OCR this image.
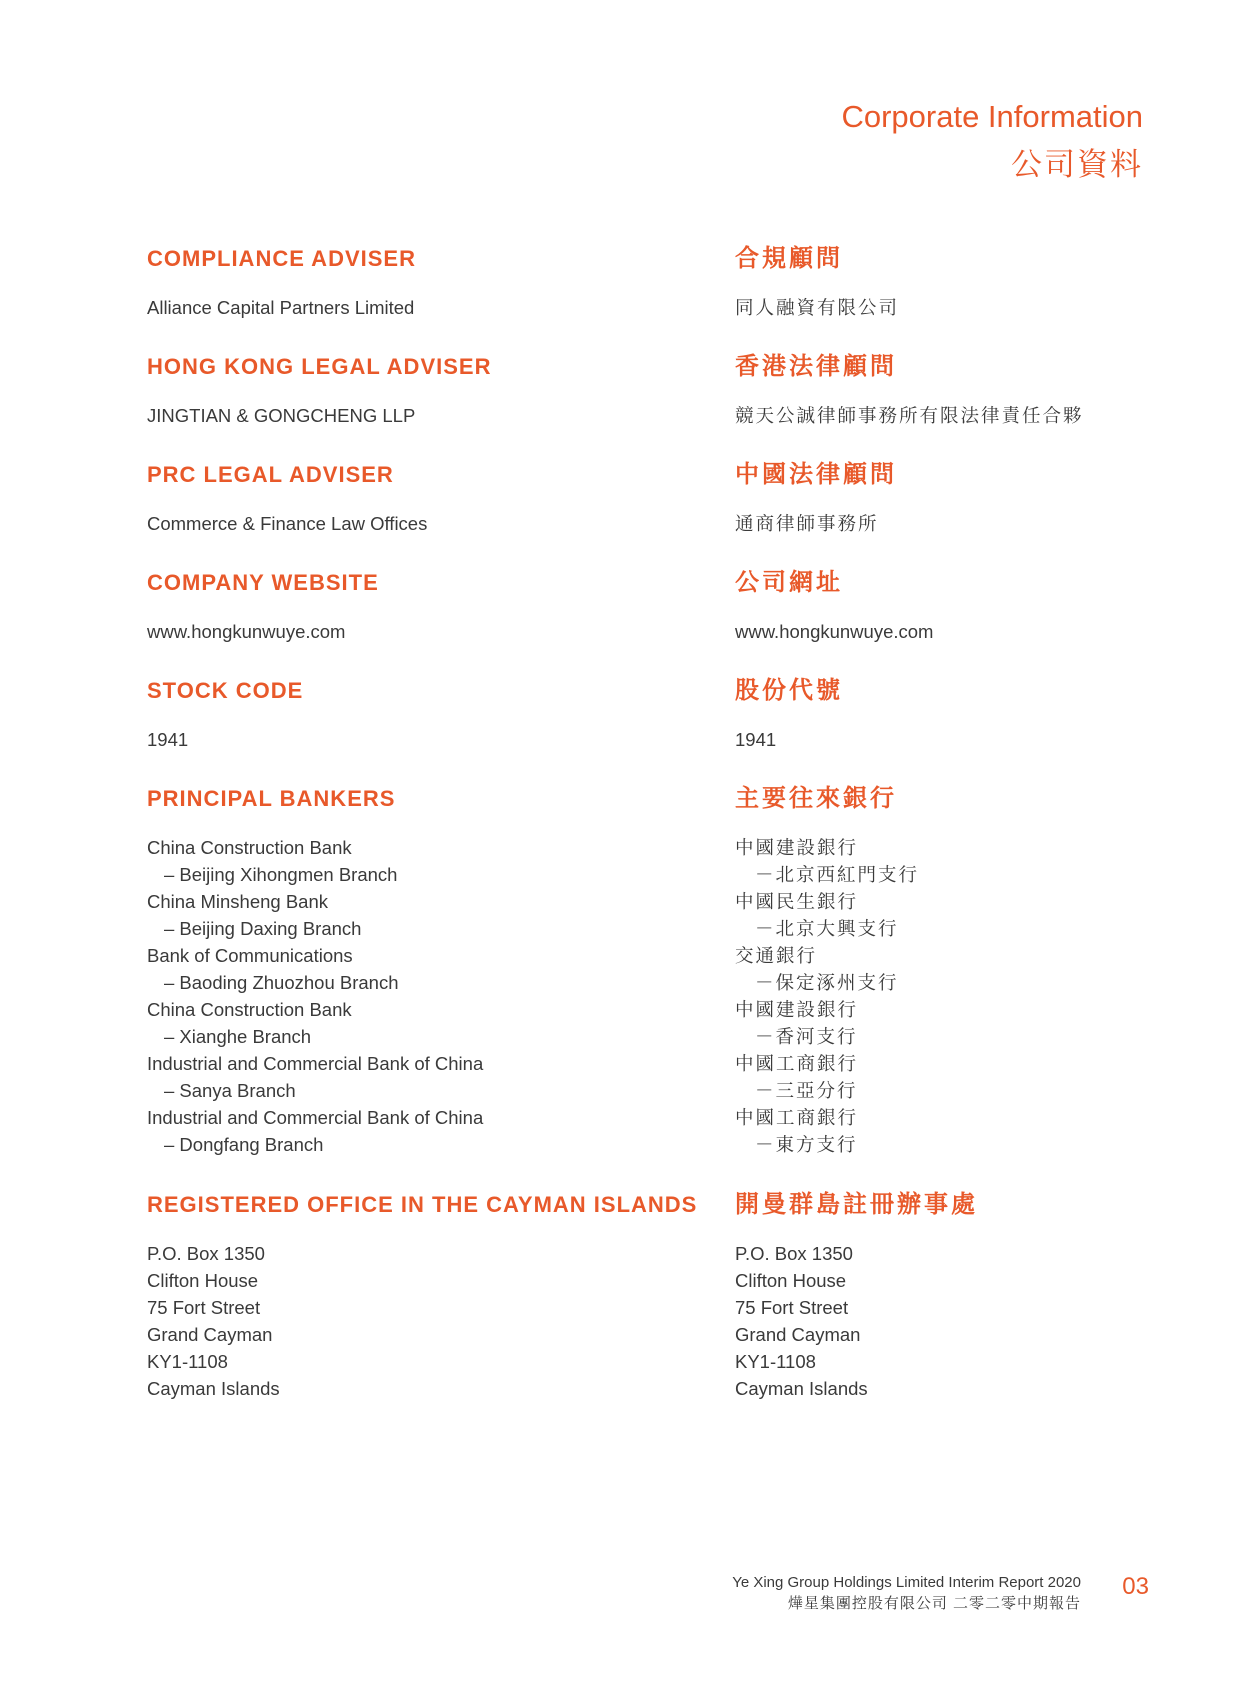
Corporate Information
公司資料
COMPLIANCE ADVISER
Alliance Capital Partners Limited
HONG KONG LEGAL ADVISER
JINGTIAN & GONGCHENG LLP
PRC LEGAL ADVISER
Commerce & Finance Law Offices
COMPANY WEBSITE
www.hongkunwuye.com
STOCK CODE
1941
PRINCIPAL BANKERS
China Construction Bank
– Beijing Xihongmen Branch
China Minsheng Bank
– Beijing Daxing Branch
Bank of Communications
– Baoding Zhuozhou Branch
China Construction Bank
– Xianghe Branch
Industrial and Commercial Bank of China
– Sanya Branch
Industrial and Commercial Bank of China
– Dongfang Branch
REGISTERED OFFICE IN THE CAYMAN ISLANDS
P.O. Box 1350
Clifton House
75 Fort Street
Grand Cayman
KY1-1108
Cayman Islands
合規顧問
同人融資有限公司
香港法律顧問
競天公誠律師事務所有限法律責任合夥
中國法律顧問
通商律師事務所
公司網址
www.hongkunwuye.com
股份代號
1941
主要往來銀行
中國建設銀行
－北京西紅門支行
中國民生銀行
－北京大興支行
交通銀行
－保定涿州支行
中國建設銀行
－香河支行
中國工商銀行
－三亞分行
中國工商銀行
－東方支行
開曼群島註冊辦事處
P.O. Box 1350
Clifton House
75 Fort Street
Grand Cayman
KY1-1108
Cayman Islands
Ye Xing Group Holdings Limited Interim Report 2020
燁星集團控股有限公司 二零二零中期報告
03
